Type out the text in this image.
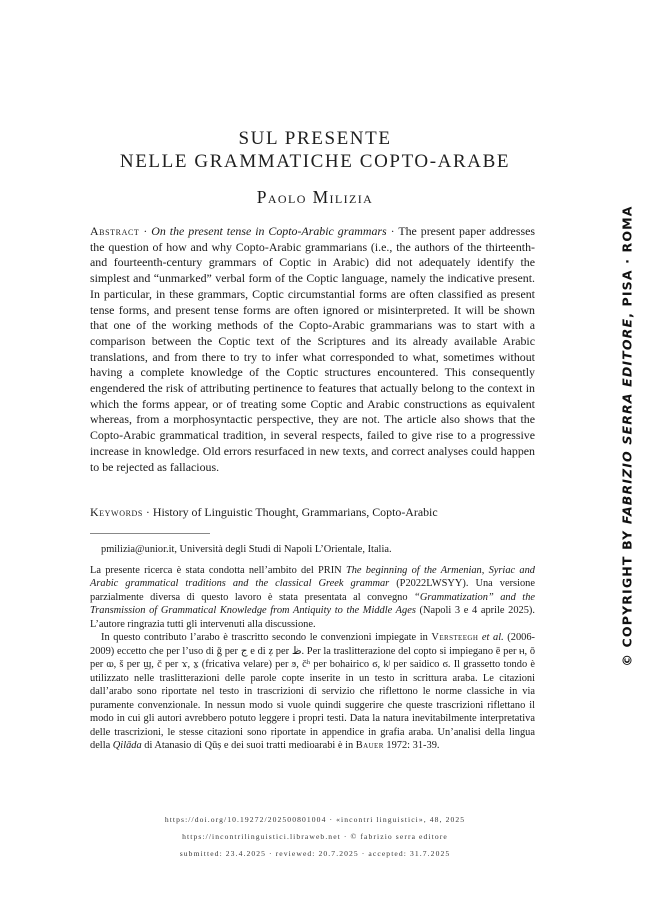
SUL PRESENTE
NELLE GRAMMATICHE COPTO-ARABE
Paolo Milizia

Abstract · On the present tense in Copto-Arabic grammars · The present paper addresses the question of how and why Copto-Arabic grammarians (i.e., the authors of the thirteenth- and fourteenth-century grammars of Coptic in Arabic) did not adequately identify the simplest and “unmarked” verbal form of the Coptic language, namely the indicative present. In particular, in these grammars, Coptic circumstantial forms are often classified as present tense forms, and present tense forms are often ignored or misinterpreted. It will be shown that one of the working methods of the Copto-Arabic grammarians was to start with a comparison between the Coptic text of the Scriptures and its already available Arabic translations, and from there to try to infer what corresponded to what, sometimes without having a complete knowledge of the Coptic structures encountered. This consequently engendered the risk of attributing pertinence to features that actually belong to the context in which the forms appear, or of treating some Coptic and Arabic constructions as equivalent whereas, from a morphosyntactic perspective, they are not. The article also shows that the Copto-Arabic grammatical tradition, in several respects, failed to give rise to a progressive increase in knowledge. Old errors resurfaced in new texts, and correct analyses could happen to be rejected as fallacious.

Keywords · History of Linguistic Thought, Grammarians, Copto-Arabic

pmilizia@unior.it, Università degli Studi di Napoli L’Orientale, Italia.

La presente ricerca è stata condotta nell’ambito del PRIN The beginning of the Armenian, Syriac and Arabic grammatical traditions and the classical Greek grammar (P2022LWSYY). Una versione parzialmente diversa di questo lavoro è stata presentata al convegno “Grammatization” and the Transmission of Grammatical Knowledge from Antiquity to the Middle Ages (Napoli 3 e 4 aprile 2025). L’autore ringrazia tutti gli intervenuti alla discussione.

In questo contributo l’arabo è trascritto secondo le convenzioni impiegate in Versteegh et al. (2006-2009) eccetto che per l’uso di ǧ per ج e di ẓ per ظ. Per la traslitterazione del copto si impiegano ē per ⲏ, ō per ⲱ, š per ϣ, č per ϫ, x̱ (fricativa velare) per ϧ, čʰ per bohairico ϭ, kʲ per saidico ϭ. Il grassetto tondo è utilizzato nelle traslitterazioni delle parole copte inserite in un testo in scrittura araba. Le citazioni dall’arabo sono riportate nel testo in trascrizioni di servizio che riflettono le norme classiche in via puramente convenzionale. In nessun modo si vuole quindi suggerire che queste trascrizioni riflettano il modo in cui gli autori avrebbero potuto leggere i propri testi. Data la natura inevitabilmente interpretativa delle trascrizioni, le stesse citazioni sono riportate in appendice in grafia araba. Un’analisi della lingua della Qilāda di Atanasio di Qūṣ e dei suoi tratti medioarabi è in Bauer 1972: 31-39.

https://doi.org/10.19272/202500801004 · «incontri linguistici», 48, 2025
https://incontrilinguistici.libraweb.net · © fabrizio serra editore
submitted: 23.4.2025 · reviewed: 20.7.2025 · accepted: 31.7.2025
© COPYRIGHT BY FABRIZIO SERRA EDITORE, PISA · ROMA
